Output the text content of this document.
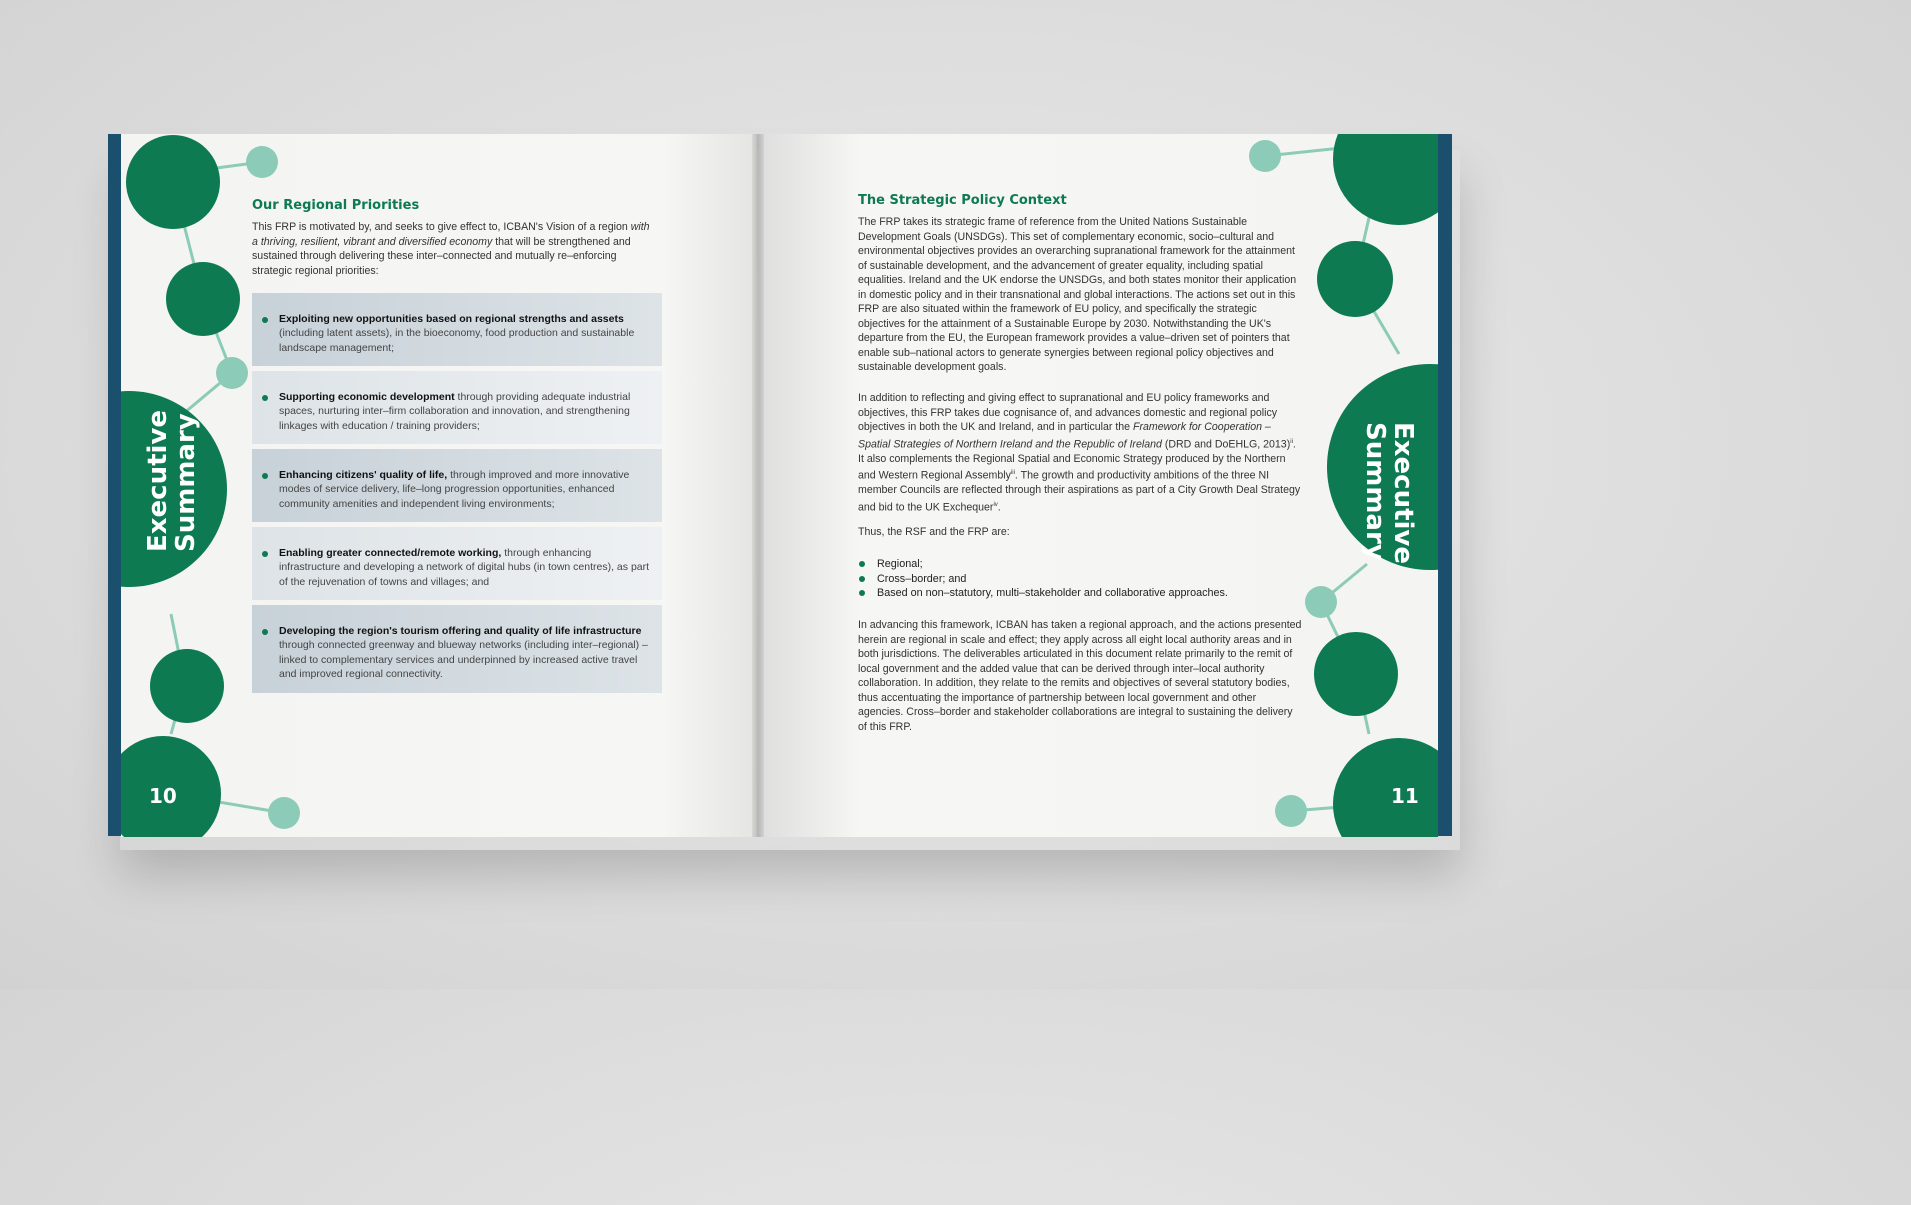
Executive
Summary
10
Our Regional Priorities
This FRP is motivated by, and seeks to give effect to, ICBAN's Vision of a region with a thriving, resilient, vibrant and diversified economy that will be strengthened and sustained through delivering these inter–connected and mutually re–enforcing strategic regional priorities:
Exploiting new opportunities based on regional strengths and assets (including latent assets), in the bioeconomy, food production and sustainable landscape management;
Supporting economic development through providing adequate industrial spaces, nurturing inter–firm collaboration and innovation, and strengthening linkages with education / training providers;
Enhancing citizens' quality of life, through improved and more innovative modes of service delivery, life–long progression opportunities, enhanced community amenities and independent living environments;
Enabling greater connected/remote working, through enhancing infrastructure and developing a network of digital hubs (in town centres), as part of the rejuvenation of towns and villages; and
Developing the region's tourism offering and quality of life infrastructure through connected greenway and blueway networks (including inter–regional) – linked to complementary services and underpinned by increased active travel and improved regional connectivity.
Executive
Summary
11
The Strategic Policy Context
The FRP takes its strategic frame of reference from the United Nations Sustainable Development Goals (UNSDGs). This set of complementary economic, socio–cultural and environmental objectives provides an overarching supranational framework for the attainment of sustainable development, and the advancement of greater equality, including spatial equalities. Ireland and the UK endorse the UNSDGs, and both states monitor their application in domestic policy and in their transnational and global interactions. The actions set out in this FRP are also situated within the framework of EU policy, and specifically the strategic objectives for the attainment of a Sustainable Europe by 2030. Notwithstanding the UK's departure from the EU, the European framework provides a value–driven set of pointers that enable sub–national actors to generate synergies between regional policy objectives and sustainable development goals.
In addition to reflecting and giving effect to supranational and EU policy frameworks and objectives, this FRP takes due cognisance of, and advances domestic and regional policy objectives in both the UK and Ireland, and in particular the Framework for Cooperation – Spatial Strategies of Northern Ireland and the Republic of Ireland (DRD and DoEHLG, 2013)$^{ii}$. It also complements the Regional Spatial and Economic Strategy produced by the Northern and Western Regional Assembly$^{iii}$. The growth and productivity ambitions of the three NI member Councils are reflected through their aspirations as part of a City Growth Deal Strategy and bid to the UK Exchequer$^{iv}$.
Thus, the RSF and the FRP are:
Regional;
Cross–border; and
Based on non–statutory, multi–stakeholder and collaborative approaches.
In advancing this framework, ICBAN has taken a regional approach, and the actions presented herein are regional in scale and effect; they apply across all eight local authority areas and in both jurisdictions. The deliverables articulated in this document relate primarily to the remit of local government and the added value that can be derived through inter–local authority collaboration. In addition, they relate to the remits and objectives of several statutory bodies, thus accentuating the importance of partnership between local government and other agencies. Cross–border and stakeholder collaborations are integral to sustaining the delivery of this FRP.
